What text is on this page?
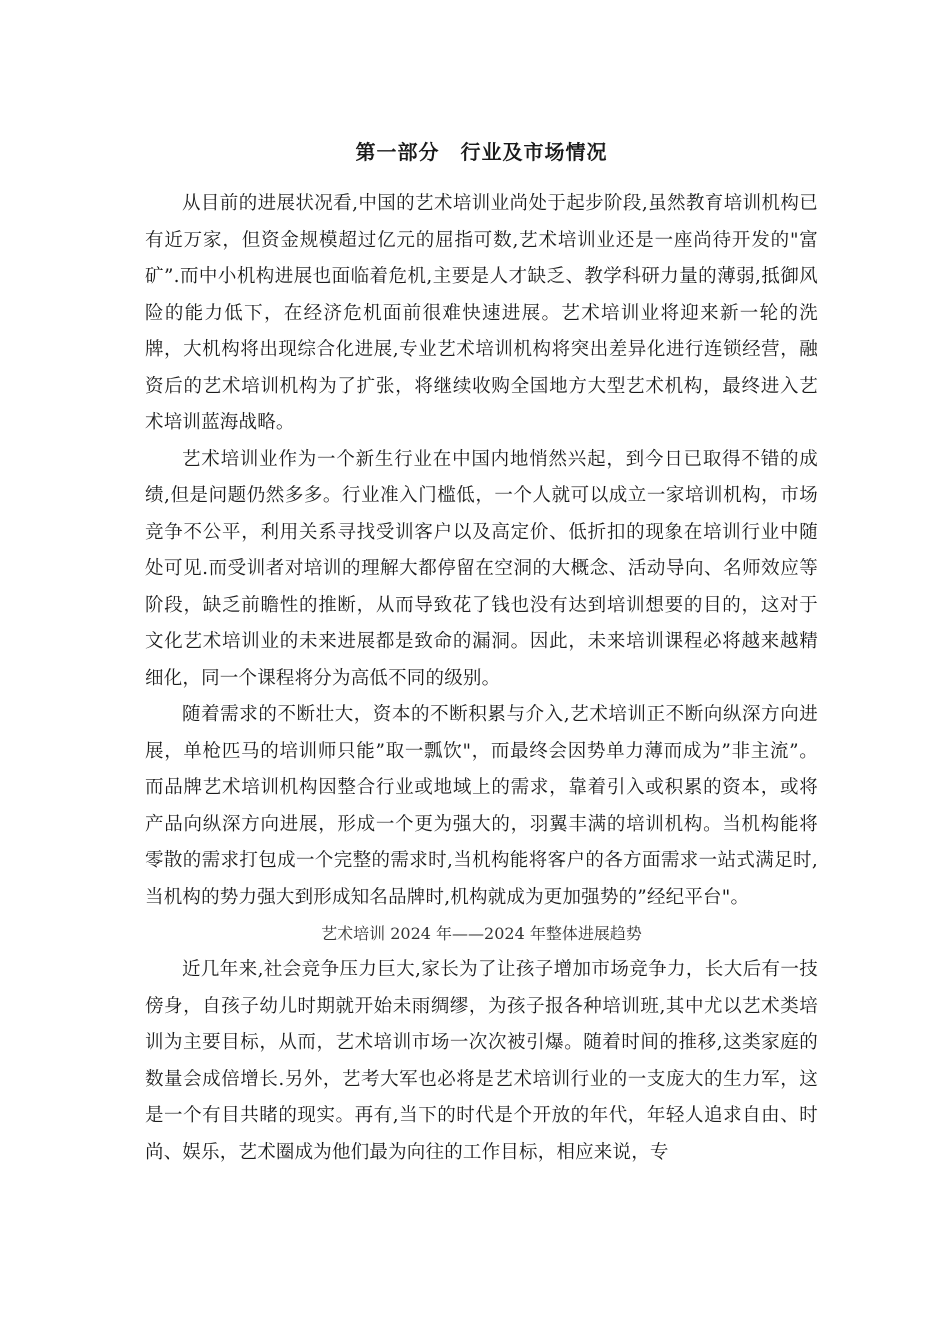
第一部分　行业及市场情况

从目前的进展状况看,中国的艺术培训业尚处于起步阶段,虽然教育培训机构已有近万家，但资金规模超过亿元的屈指可数,艺术培训业还是一座尚待开发的"富矿”.而中小机构进展也面临着危机,主要是人才缺乏、教学科研力量的薄弱,抵御风险的能力低下，在经济危机面前很难快速进展。艺术培训业将迎来新一轮的洗牌，大机构将出现综合化进展,专业艺术培训机构将突出差异化进行连锁经营，融资后的艺术培训机构为了扩张，将继续收购全国地方大型艺术机构，最终进入艺术培训蓝海战略。

艺术培训业作为一个新生行业在中国内地悄然兴起，到今日已取得不错的成绩,但是问题仍然多多。行业准入门槛低，一个人就可以成立一家培训机构，市场竞争不公平，利用关系寻找受训客户以及高定价、低折扣的现象在培训行业中随处可见.而受训者对培训的理解大都停留在空洞的大概念、活动导向、名师效应等阶段，缺乏前瞻性的推断，从而导致花了钱也没有达到培训想要的目的，这对于文化艺术培训业的未来进展都是致命的漏洞。因此，未来培训课程必将越来越精细化，同一个课程将分为高低不同的级别。

随着需求的不断壮大，资本的不断积累与介入,艺术培训正不断向纵深方向进展，单枪匹马的培训师只能”取一瓢饮"，而最终会因势单力薄而成为”非主流”。而品牌艺术培训机构因整合行业或地域上的需求，靠着引入或积累的资本，或将产品向纵深方向进展，形成一个更为强大的，羽翼丰满的培训机构。当机构能将零散的需求打包成一个完整的需求时,当机构能将客户的各方面需求一站式满足时,当机构的势力强大到形成知名品牌时,机构就成为更加强势的”经纪平台"。

艺术培训 2024 年——2024 年整体进展趋势

近几年来,社会竞争压力巨大,家长为了让孩子增加市场竞争力，长大后有一技傍身，自孩子幼儿时期就开始未雨绸缪，为孩子报各种培训班,其中尤以艺术类培训为主要目标，从而，艺术培训市场一次次被引爆。随着时间的推移,这类家庭的数量会成倍增长.另外，艺考大军也必将是艺术培训行业的一支庞大的生力军，这是一个有目共睹的现实。再有,当下的时代是个开放的年代，年轻人追求自由、时尚、娱乐，艺术圈成为他们最为向往的工作目标，相应来说，专
